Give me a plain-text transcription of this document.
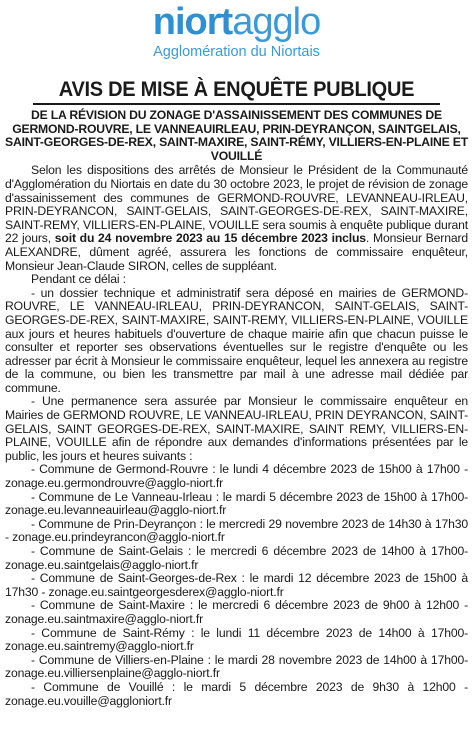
niortagglo
Agglomération du Niortais
AVIS DE MISE À ENQUÊTE PUBLIQUE
DE LA RÉVISION DU ZONAGE D'ASSAINISSEMENT DES COMMUNES DE GERMOND-ROUVRE, LE VANNEAUIRLEAU, PRIN-DEYRANÇON, SAINTGELAIS, SAINT-GEORGES-DE-REX, SAINT-MAXIRE, SAINT-RÉMY, VILLIERS-EN-PLAINE ET VOUILLÉ

Selon les dispositions des arrêtés de Monsieur le Président de la Communauté d'Agglomération du Niortais en date du 30 octobre 2023, le projet de révision de zonage d'assainissement des communes de GERMOND-ROUVRE, LEVANNEAU-IRLEAU, PRIN-DEYRANCON, SAINT-GELAIS, SAINT-GEORGES-DE-REX, SAINT-MAXIRE, SAINT-REMY, VILLIERS-EN-PLAINE, VOUILLE sera soumis à enquête publique durant 22 jours, soit du 24 novembre 2023 au 15 décembre 2023 inclus. Monsieur Bernard ALEXANDRE, dûment agréé, assurera les fonctions de commissaire enquêteur, Monsieur Jean-Claude SIRON, celles de suppléant.

Pendant ce délai :

- un dossier technique et administratif sera déposé en mairies de GERMOND-ROUVRE, LE VANNEAU-IRLEAU, PRIN-DEYRANCON, SAINT-GELAIS, SAINT-GEORGES-DE-REX, SAINT-MAXIRE, SAINT-REMY, VILLIERS-EN-PLAINE, VOUILLE aux jours et heures habituels d'ouverture de chaque mairie afin que chacun puisse le consulter et reporter ses observations éventuelles sur le registre d'enquête ou les adresser par écrit à Monsieur le commissaire enquêteur, lequel les annexera au registre de la commune, ou bien les transmettre par mail à une adresse mail dédiée par commune.

- Une permanence sera assurée par Monsieur le commissaire enquêteur en Mairies de GERMOND ROUVRE, LE VANNEAU-IRLEAU, PRIN DEYRANCON, SAINT-GELAIS, SAINT GEORGES-DE-REX, SAINT-MAXIRE, SAINT REMY, VILLIERS-EN-PLAINE, VOUILLE afin de répondre aux demandes d'informations présentées par le public, les jours et heures suivants :

- Commune de Germond-Rouvre : le lundi 4 décembre 2023 de 15h00 à 17h00 - zonage.eu.germondrouvre@agglo-niort.fr

- Commune de Le Vanneau-Irleau : le mardi 5 décembre 2023 de 15h00 à 17h00- zonage.eu.levanneauirleau@agglo-niort.fr

- Commune de Prin-Deyrançon : le mercredi 29 novembre 2023 de 14h30 à 17h30 - zonage.eu.prindeyrancon@agglo-niort.fr

- Commune de Saint-Gelais : le mercredi 6 décembre 2023 de 14h00 à 17h00- zonage.eu.saintgelais@agglo-niort.fr

- Commune de Saint-Georges-de-Rex : le mardi 12 décembre 2023 de 15h00 à 17h30 - zonage.eu.saintgeorgesderex@agglo-niort.fr

- Commune de Saint-Maxire : le mercredi 6 décembre 2023 de 9h00 à 12h00 - zonage.eu.saintmaxire@agglo-niort.fr

- Commune de Saint-Rémy : le lundi 11 décembre 2023 de 14h00 à 17h00- zonage.eu.saintremy@agglo-niort.fr

- Commune de Villiers-en-Plaine : le mardi 28 novembre 2023 de 14h00 à 17h00- zonage.eu.villiersenplaine@agglo-niort.fr

- Commune de Vouillé : le mardi 5 décembre 2023 de 9h30 à 12h00 - zonage.eu.vouille@aggloniort.fr
